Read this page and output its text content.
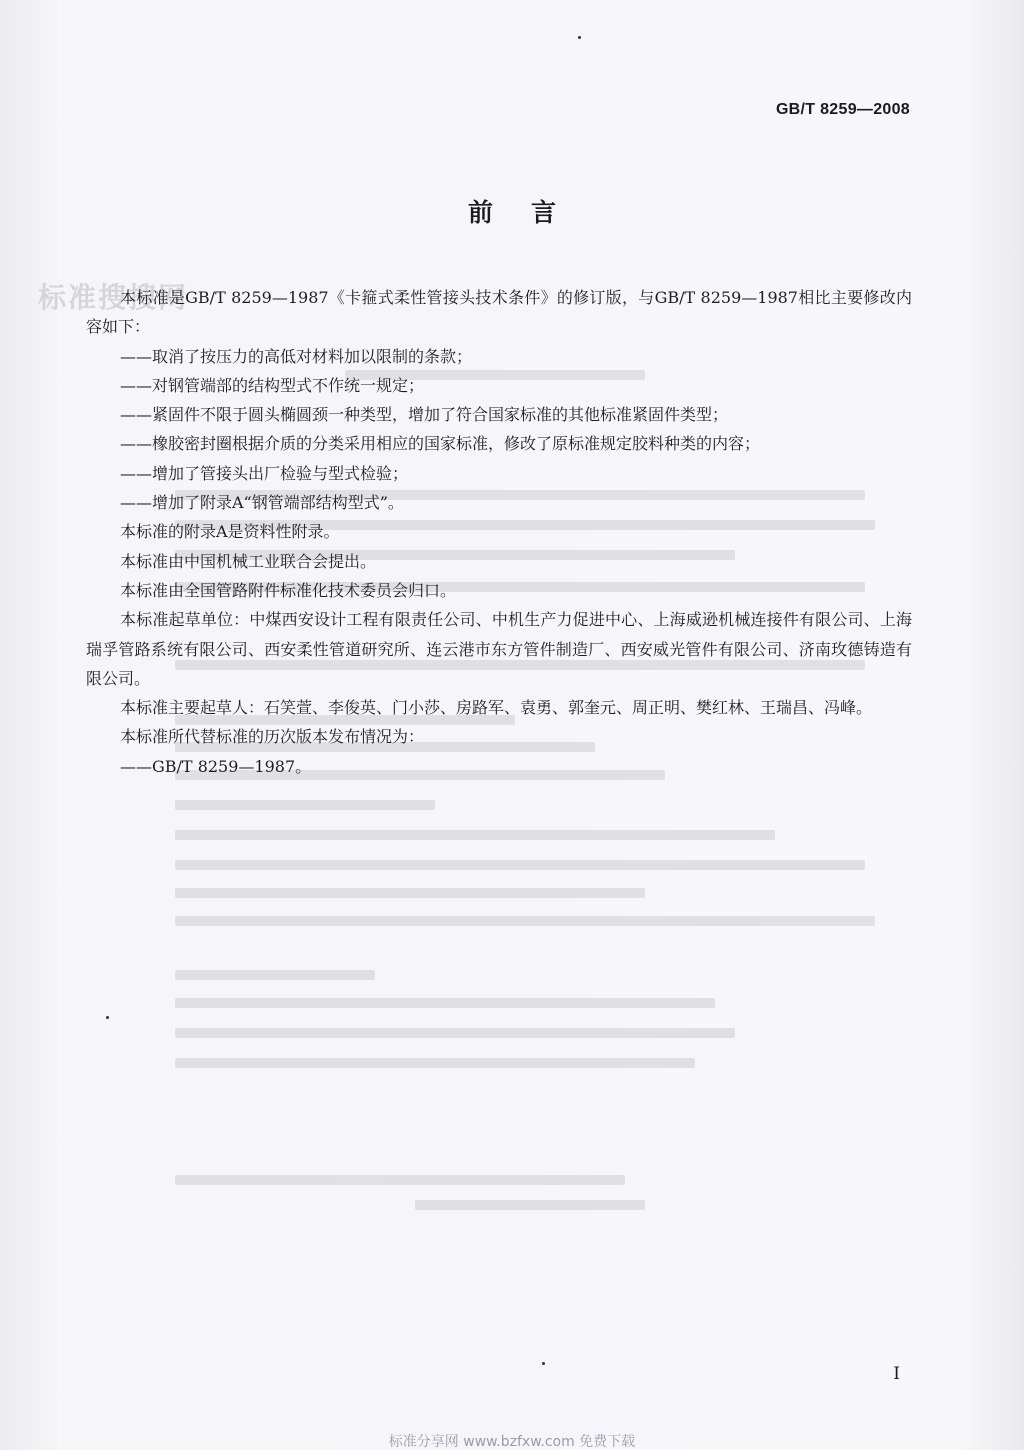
GB/T 8259—2008
前言
标准搜搜网

本标准是GB/T 8259—1987《卡箍式柔性管接头技术条件》的修订版，与GB/T 8259—1987相比主要修改内容如下：

——取消了按压力的高低对材料加以限制的条款；

——对钢管端部的结构型式不作统一规定；

——紧固件不限于圆头椭圆颈一种类型，增加了符合国家标准的其他标准紧固件类型；

——橡胶密封圈根据介质的分类采用相应的国家标准，修改了原标准规定胶料种类的内容；

——增加了管接头出厂检验与型式检验；

——增加了附录A“钢管端部结构型式”。

本标准的附录A是资料性附录。

本标准由中国机械工业联合会提出。

本标准由全国管路附件标准化技术委员会归口。

本标准起草单位：中煤西安设计工程有限责任公司、中机生产力促进中心、上海威逊机械连接件有限公司、上海瑞孚管路系统有限公司、西安柔性管道研究所、连云港市东方管件制造厂、西安威光管件有限公司、济南玫德铸造有限公司。

本标准主要起草人：石笑萱、李俊英、门小莎、房路军、袁勇、郭奎元、周正明、樊红林、王瑞昌、冯峰。

本标准所代替标准的历次版本发布情况为：

——GB/T 8259—1987。

I
标准分享网 www.bzfxw.com 免费下载
